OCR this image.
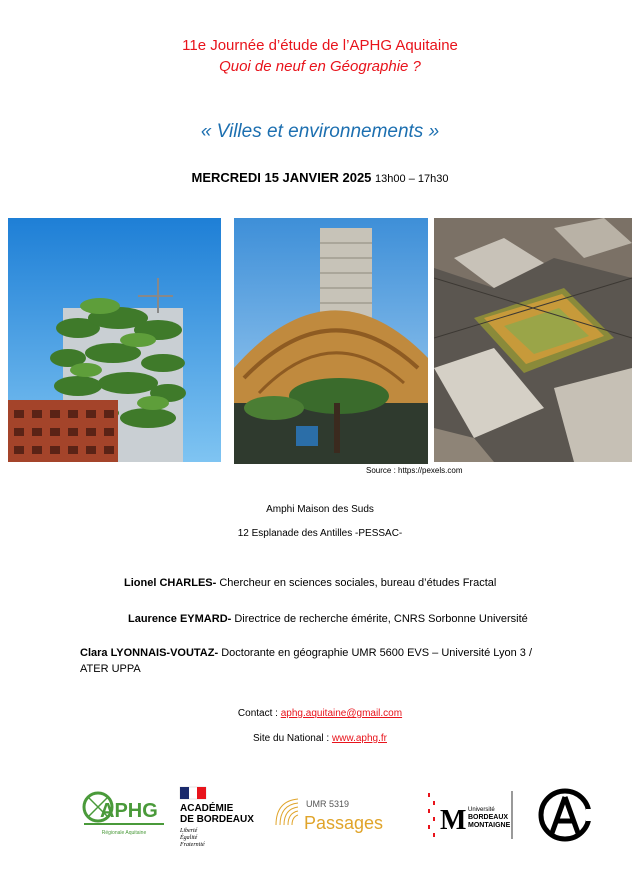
11e Journée d’étude de l’APHG Aquitaine
Quoi de neuf en Géographie ?
« Villes et environnements »
MERCREDI 15 JANVIER 2025 13h00 – 17h30
Source : https://pexels.com
Amphi Maison des Suds
12 Esplanade des Antilles -PESSAC-
Lionel CHARLES- Chercheur en sciences sociales, bureau d’études Fractal
Laurence EYMARD- Directrice de recherche émérite, CNRS Sorbonne Université
Clara LYONNAIS-VOUTAZ- Doctorante en géographie UMR 5600 EVS – Université Lyon 3 / ATER UPPA
Contact : aphg.aquitaine@gmail.com
Site du National : www.aphg.fr
APHG
Régionale Aquitaine
ACADÉMIE
DE BORDEAUX
Liberté
Égalité
Fraternité
UMR 5319
Passages M Université
BORDEAUX
MONTAIGNE
